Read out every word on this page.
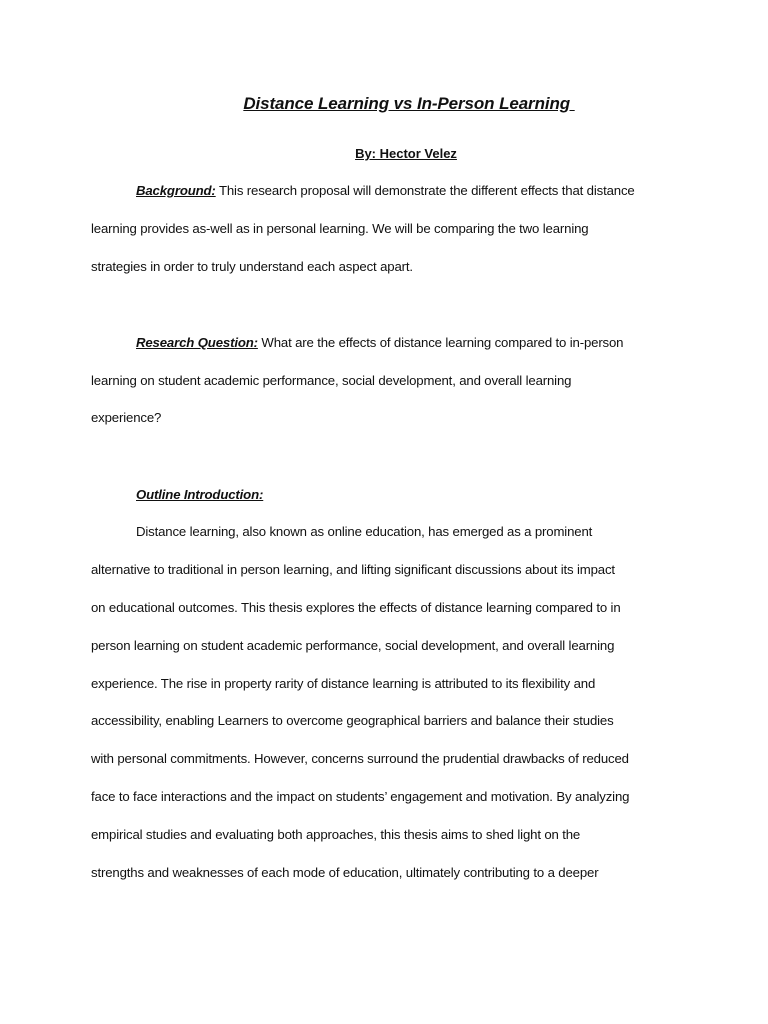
Distance Learning vs In-Person Learning
By: Hector Velez
Background: This research proposal will demonstrate the different effects that distance
learning provides as-well as in personal learning. We will be comparing the two learning
strategies in order to truly understand each aspect apart.
Research Question: What are the effects of distance learning compared to in-person
learning on student academic performance, social development, and overall learning
experience?
Outline Introduction:
Distance learning, also known as online education, has emerged as a prominent
alternative to traditional in person learning, and lifting significant discussions about its impact
on educational outcomes. This thesis explores the effects of distance learning compared to in
person learning on student academic performance, social development, and overall learning
experience. The rise in property rarity of distance learning is attributed to its flexibility and
accessibility, enabling Learners to overcome geographical barriers and balance their studies
with personal commitments. However, concerns surround the prudential drawbacks of reduced
face to face interactions and the impact on students’ engagement and motivation. By analyzing
empirical studies and evaluating both approaches, this thesis aims to shed light on the
strengths and weaknesses of each mode of education, ultimately contributing to a deeper
